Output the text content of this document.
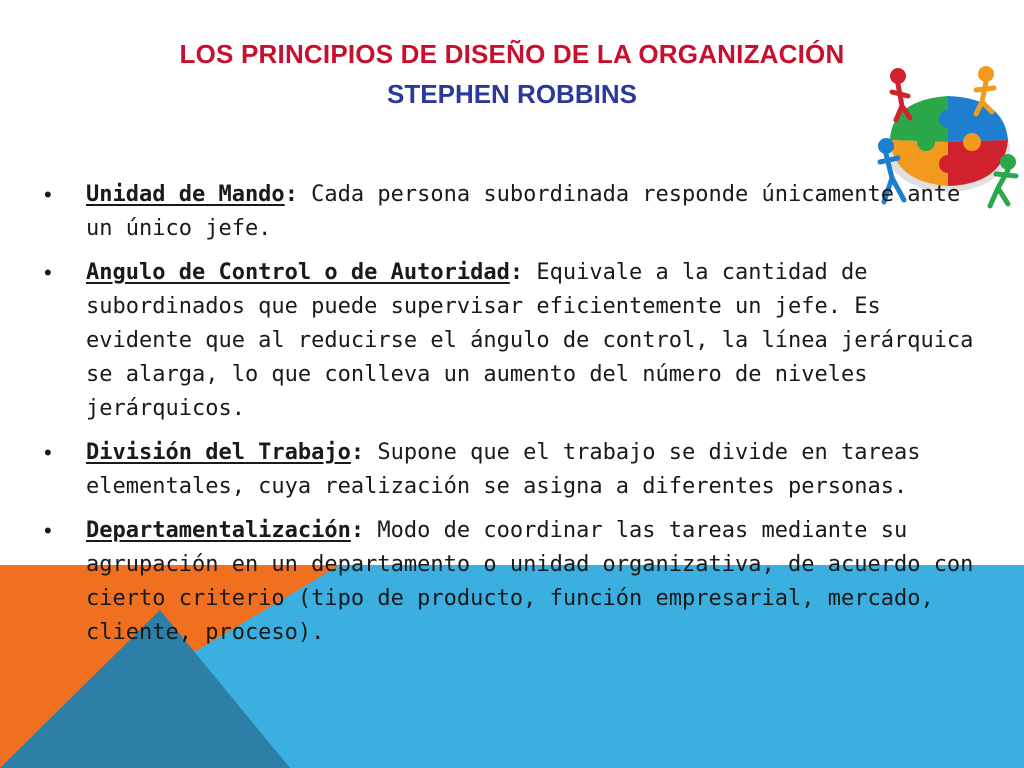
LOS PRINCIPIOS DE DISEÑO DE LA ORGANIZACIÓN
STEPHEN ROBBINS
•	Unidad de Mando: Cada persona subordinada responde únicamente ante un único jefe.
•	Angulo de Control o de Autoridad: Equivale a la cantidad de subordinados que puede supervisar eficientemente un jefe. Es evidente que al reducirse el ángulo de control, la línea jerárquica se alarga, lo que conlleva un aumento del número de niveles jerárquicos.
•	División del Trabajo: Supone que el trabajo se divide en tareas elementales, cuya realización se asigna a diferentes personas.
•	Departamentalización: Modo de coordinar las tareas mediante su agrupación en un departamento o unidad organizativa, de acuerdo con cierto criterio (tipo de producto, función empresarial, mercado, cliente, proceso).
